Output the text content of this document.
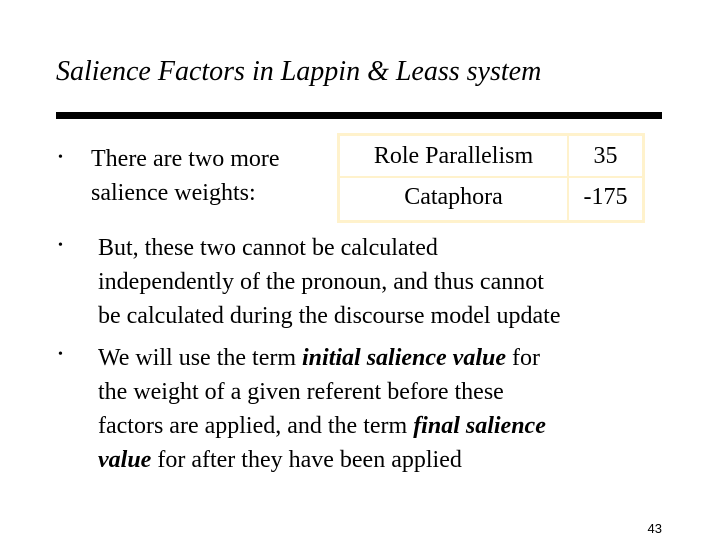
Salience Factors in Lappin & Leass system
• There are two more
salience weights:
Role Parallelism	35
Cataphora	-175
• But, these two cannot be calculated
independently of the pronoun, and thus cannot
be calculated during the discourse model update
• We will use the term initial salience value for
the weight of a given referent before these
factors are applied, and the term final salience
value for after they have been applied
43
